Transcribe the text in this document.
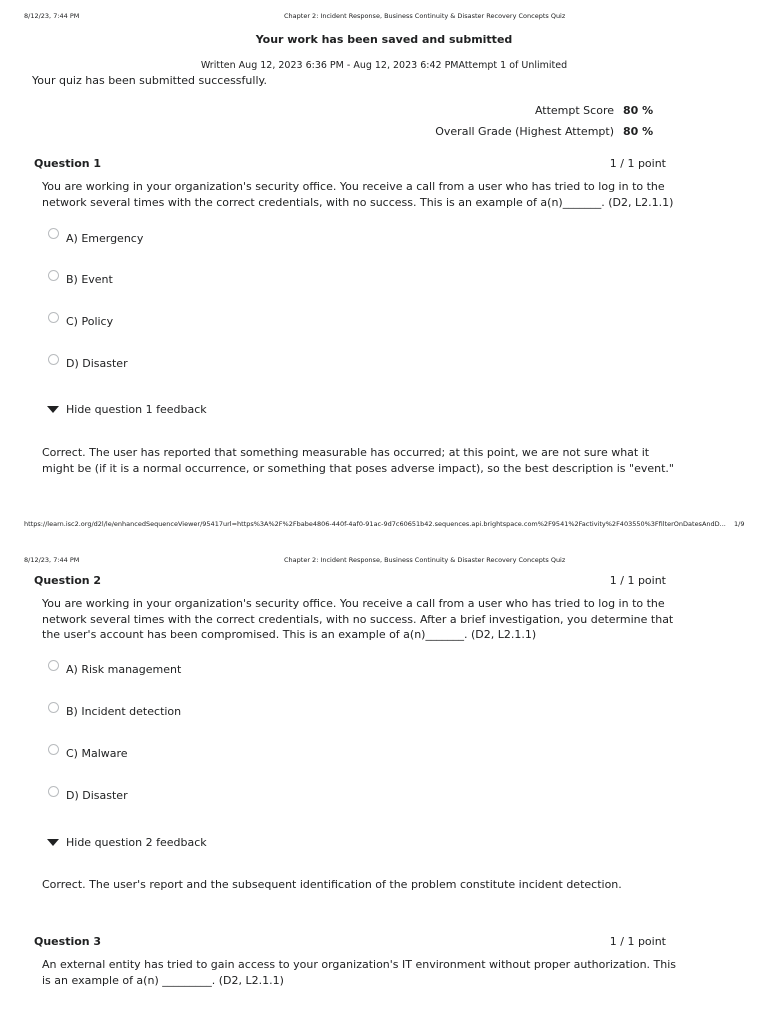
8/12/23, 7:44 PM	Chapter 2: Incident Response, Business Continuity & Disaster Recovery Concepts Quiz
Your work has been saved and submitted
Written Aug 12, 2023 6:36 PM - Aug 12, 2023 6:42 PMAttempt 1 of Unlimited
Your quiz has been submitted successfully.
Attempt Score 80 %
Overall Grade (Highest Attempt) 80 %
Question 1	1 / 1 point
You are working in your organization's security office. You receive a call from a user who has tried to log in to the network several times with the correct credentials, with no success. This is an example of a(n)_______. (D2, L2.1.1)
A) Emergency
B) Event
C) Policy
D) Disaster
Hide question 1 feedback
Correct. The user has reported that something measurable has occurred; at this point, we are not sure what it might be (if it is a normal occurrence, or something that poses adverse impact), so the best description is "event."
https://learn.isc2.org/d2l/le/enhancedSequenceViewer/95417url=https%3A%2F%2Fbabe4806-440f-4af0-91ac-9d7c60651b42.sequences.api.brightspace.com%2F9541%2Factivity%2F403550%3FfilterOnDatesAndD...	1/9
8/12/23, 7:44 PM	Chapter 2: Incident Response, Business Continuity & Disaster Recovery Concepts Quiz
Question 2	1 / 1 point
You are working in your organization's security office. You receive a call from a user who has tried to log in to the network several times with the correct credentials, with no success. After a brief investigation, you determine that the user's account has been compromised. This is an example of a(n)_______. (D2, L2.1.1)
A) Risk management
B) Incident detection
C) Malware
D) Disaster
Hide question 2 feedback
Correct. The user's report and the subsequent identification of the problem constitute incident detection.
Question 3	1 / 1 point
An external entity has tried to gain access to your organization's IT environment without proper authorization. This is an example of a(n) _________. (D2, L2.1.1)
